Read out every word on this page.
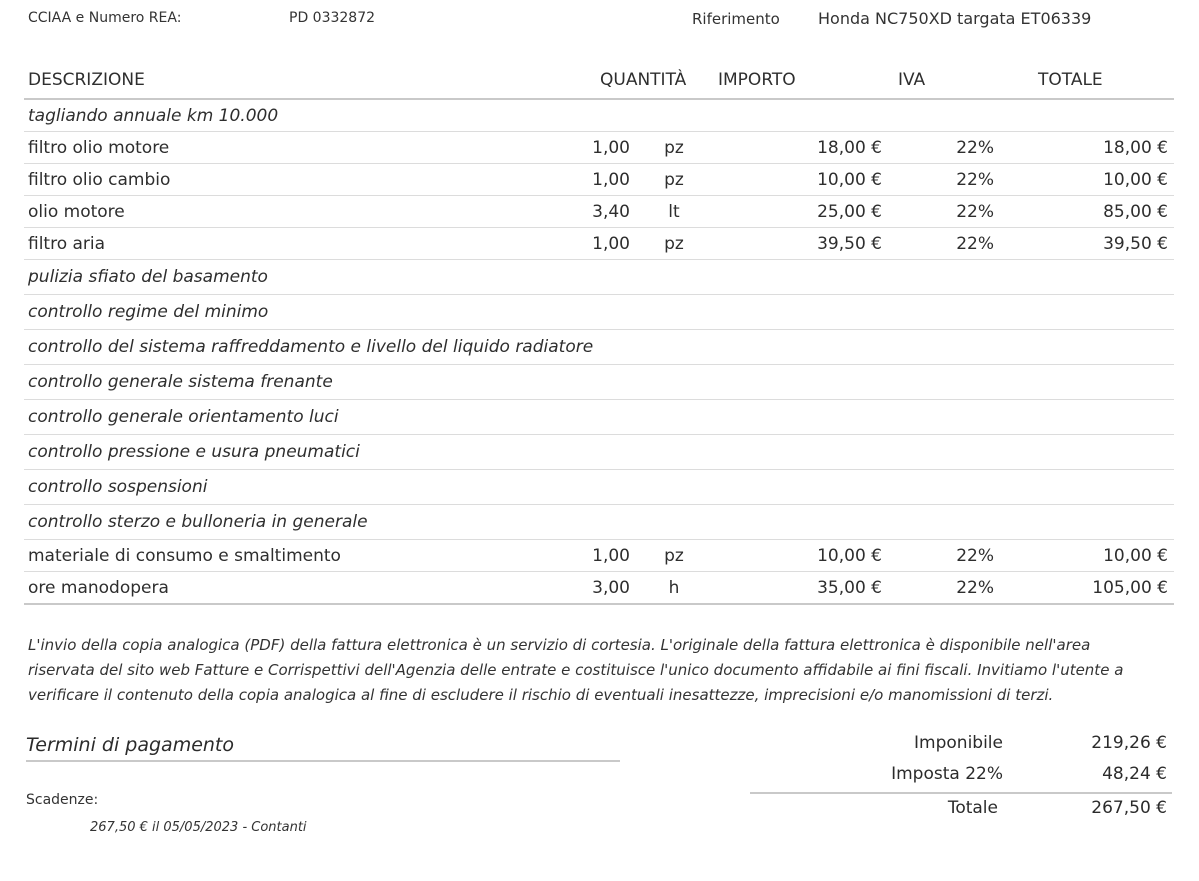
CCIAA e Numero REA:	PD 0332872	Riferimento Honda NC750XD targata ET06339
DESCRIZIONE	QUANTITÀ		IMPORTO	IVA	TOTALE
tagliando annuale km 10.000					
filtro olio motore	1,00	pz	18,00 €	22%	18,00 €
filtro olio cambio	1,00	pz	10,00 €	22%	10,00 €
olio motore	3,40	lt	25,00 €	22%	85,00 €
filtro aria	1,00	pz	39,50 €	22%	39,50 €
pulizia sfiato del basamento					
controllo regime del minimo					
controllo del sistema raffreddamento e livello del liquido radiatore					
controllo generale sistema frenante					
controllo generale orientamento luci					
controllo pressione e usura pneumatici					
controllo sospensioni					
controllo sterzo e bulloneria in generale					
materiale di consumo e smaltimento	1,00	pz	10,00 €	22%	10,00 €
ore manodopera	3,00	h	35,00 €	22%	105,00 €
L'invio della copia analogica (PDF) della fattura elettronica è un servizio di cortesia. L'originale della fattura elettronica è disponibile nell'area riservata del sito web Fatture e Corrispettivi dell'Agenzia delle entrate e costituisce l'unico documento affidabile ai fini fiscali. Invitiamo l'utente a verificare il contenuto della copia analogica al fine di escludere il rischio di eventuali inesattezze, imprecisioni e/o manomissioni di terzi.
Termini di pagamento
Scadenze:
267,50 € il 05/05/2023 - Contanti
Imponibile	219,26 €
Imposta 22%	48,24 €
Totale	267,50 €
